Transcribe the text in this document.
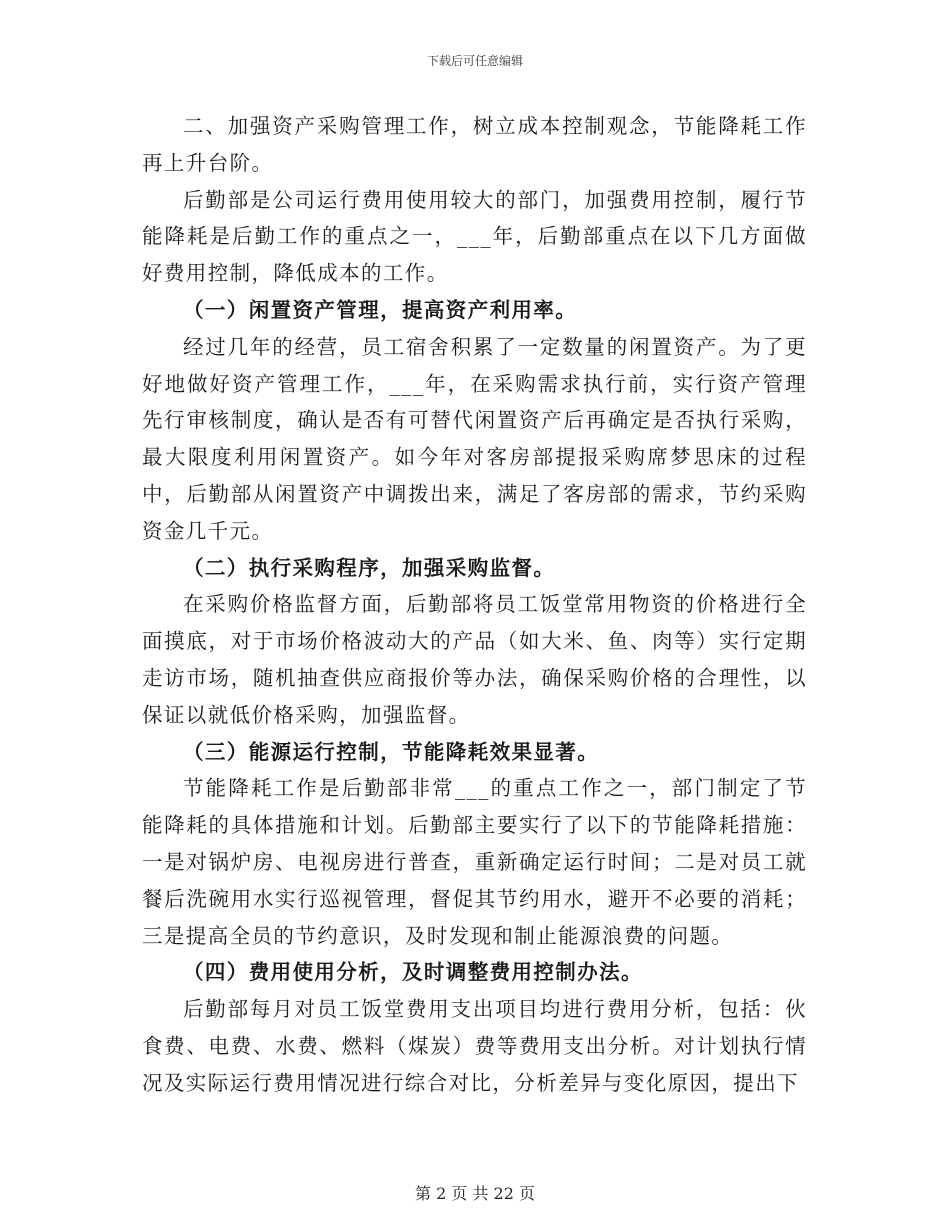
下载后可任意编辑

二、加强资产采购管理工作，树立成本控制观念，节能降耗工作再上升台阶。

后勤部是公司运行费用使用较大的部门，加强费用控制，履行节能降耗是后勤工作的重点之一，___年，后勤部重点在以下几方面做好费用控制，降低成本的工作。

（一）闲置资产管理，提高资产利用率。

经过几年的经营，员工宿舍积累了一定数量的闲置资产。为了更好地做好资产管理工作，___年，在采购需求执行前，实行资产管理先行审核制度，确认是否有可替代闲置资产后再确定是否执行采购，最大限度利用闲置资产。如今年对客房部提报采购席梦思床的过程中，后勤部从闲置资产中调拨出来，满足了客房部的需求，节约采购资金几千元。

（二）执行采购程序，加强采购监督。

在采购价格监督方面，后勤部将员工饭堂常用物资的价格进行全面摸底，对于市场价格波动大的产品（如大米、鱼、肉等）实行定期走访市场，随机抽查供应商报价等办法，确保采购价格的合理性，以保证以就低价格采购，加强监督。

（三）能源运行控制，节能降耗效果显著。

节能降耗工作是后勤部非常___的重点工作之一，部门制定了节能降耗的具体措施和计划。后勤部主要实行了以下的节能降耗措施：一是对锅炉房、电视房进行普查，重新确定运行时间；二是对员工就餐后洗碗用水实行巡视管理，督促其节约用水，避开不必要的消耗；三是提高全员的节约意识，及时发现和制止能源浪费的问题。

（四）费用使用分析，及时调整费用控制办法。

后勤部每月对员工饭堂费用支出项目均进行费用分析，包括：伙食费、电费、水费、燃料（煤炭）费等费用支出分析。对计划执行情况及实际运行费用情况进行综合对比，分析差异与变化原因，提出下

第 2 页 共 22 页
